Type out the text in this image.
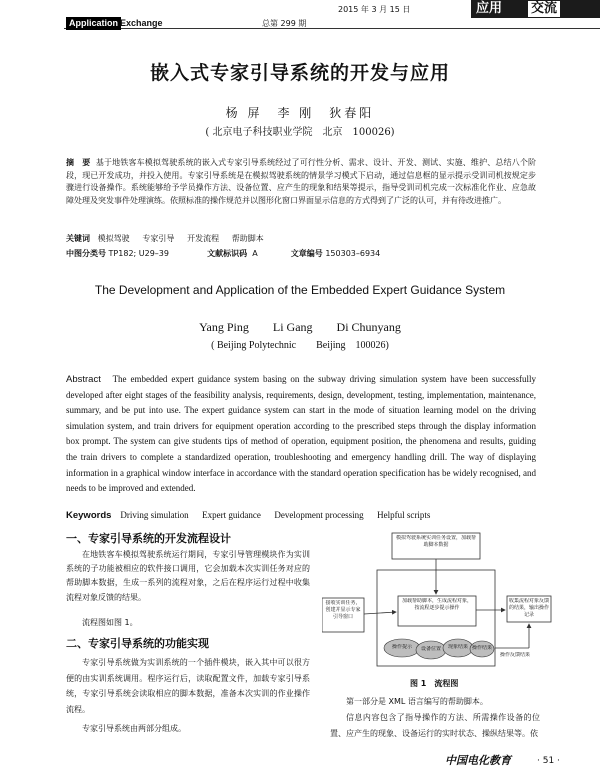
Application Exchange	总第 299 期
2015 年 3 月 15 日	应用 交流
嵌入式专家引导系统的开发与应用
杨 屏　李 刚　狄春阳
( 北京电子科技职业学院　北京　100026)
摘　要 基于地铁客车模拟驾驶系统的嵌入式专家引导系统经过了可行性分析、需求、设计、开发、测试、实施、维护、总结八个阶段，现已开发成功，并投入使用。专家引导系统是在模拟驾驶系统的情景学习模式下启动，通过信息框的显示提示受训司机按规定步骤进行设备操作。系统能够给予学员操作方法、设备位置、应产生的现象和结果等提示，指导受训司机完成一次标准化作业、应急故障处理及突发事件处理演练。依照标准的操作规范并以图形化窗口界面显示信息的方式得到了广泛的认可，并有待改进推广。
关键词 模拟驾驶 专家引导 开发流程 帮助脚本
中图分类号 TP182; U29–39	文献标识码 A	文章编号 150303–6934
The Development and Application of the Embedded Expert Guidance System
Yang Ping　　Li Gang　　Di Chunyang
( Beijing Polytechnic　　Beijing　100026)
Abstract The embedded expert guidance system basing on the subway driving simulation system have been successfully developed after eight stages of the feasibility analysis, requirements, design, development, testing, implementation, maintenance, summary, and be put into use. The expert guidance system can start in the mode of situation learning model on the driving simulation system, and train drivers for equipment operation according to the prescribed steps through the display information box prompt. The system can give students tips of method of operation, equipment position, the phenomena and results, guiding the train drivers to complete a standardized operation, troubleshooting and emergency handling drill. The way of displaying information in a graphical window interface in accordance with the standard operation specification has be widely recognised, and needs to be improved and extended.
Keywords Driving simulation Expert guidance Development processing Helpful scripts
一、专家引导系统的开发流程设计
在地铁客车模拟驾驶系统运行期间，专家引导管理模块作为实训系统的子功能被相应的软件接口调用，它会加载本次实训任务对应的帮助脚本数据，生成一系列的流程对象，之后在程序运行过程中收集流程对象反馈的结果。
流程图如图 1。
二、专家引导系统的功能实现
专家引导系统做为实训系统的一个插件模块，嵌入其中可以很方便的由实训系统调用。程序运行后，读取配置文件，加载专家引导系统，专家引导系统会读取相应的脚本数据，准备本次实训的作业操作流程。
专家引导系统由两部分组成。
模拟驾驶系统实训任务设置，加载帮助脚本数据
接收实训任务，创建并显示专家引导窗口
加载帮助脚本，生成流程对象，按流程逐步提示操作
收集流程对象反馈的结果，输出操作记录
操作提示	设备位置	现象结果 操作结果
操作反馈结果
图 1　流程图
第一部分是 XML 语言编写的帮助脚本。
信息内容包含了指导操作的方法、所需操作设备的位置、应产生的现象、设备运行的实时状态、操纵结果等。依
中国电化教育	· 51 ·
